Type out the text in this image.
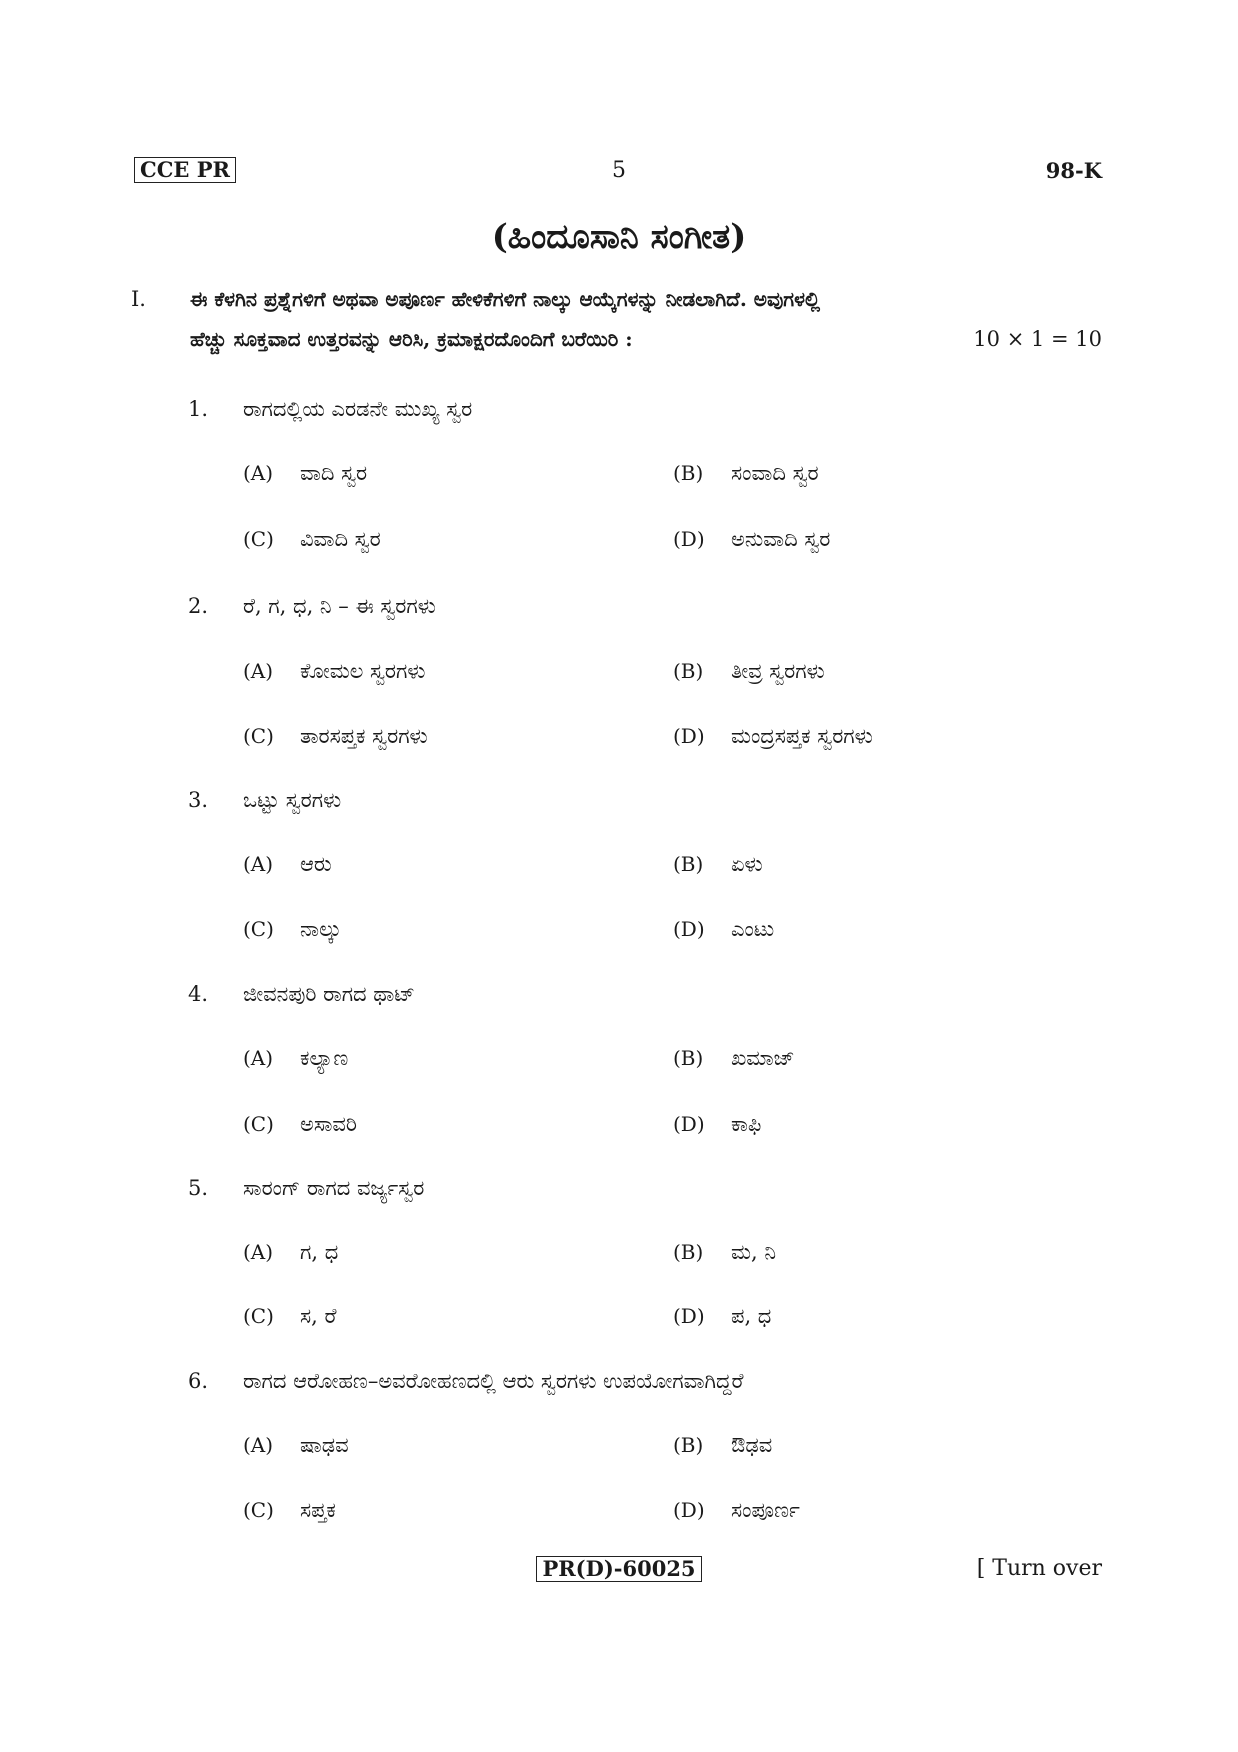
CCE PR	5	98-K
(ಹಿಂದೂಸಾನಿ ಸಂಗೀತ)
I. ಈ ಕೆಳಗಿನ ಪ್ರಶ್ನೆಗಳಿಗೆ ಅಥವಾ ಅಪೂರ್ಣ ಹೇಳಿಕೆಗಳಿಗೆ ನಾಲ್ಕು ಆಯ್ಕೆಗಳನ್ನು ನೀಡಲಾಗಿದೆ. ಅವುಗಳಲ್ಲಿ
ಹೆಚ್ಚು ಸೂಕ್ತವಾದ ಉತ್ತರವನ್ನು ಆರಿಸಿ, ಕ್ರಮಾಕ್ಷರದೊಂದಿಗೆ ಬರೆಯಿರಿ :	10 × 1 = 10
1. ರಾಗದಲ್ಲಿಯ ಎರಡನೇ ಮುಖ್ಯ ಸ್ವರ
(A) ವಾದಿ ಸ್ವರ	(B) ಸಂವಾದಿ ಸ್ವರ
(C) ವಿವಾದಿ ಸ್ವರ	(D) ಅನುವಾದಿ ಸ್ವರ
2. ರೆ, ಗ, ಧ, ನಿ – ಈ ಸ್ವರಗಳು
(A) ಕೋಮಲ ಸ್ವರಗಳು	(B) ತೀವ್ರ ಸ್ವರಗಳು
(C) ತಾರಸಪ್ತಕ ಸ್ವರಗಳು	(D) ಮಂದ್ರಸಪ್ತಕ ಸ್ವರಗಳು
3. ಒಟ್ಟು ಸ್ವರಗಳು
(A) ಆರು	(B) ಏಳು
(C) ನಾಲ್ಕು	(D) ಎಂಟು
4. ಜೀವನಪುರಿ ರಾಗದ ಥಾಟ್
(A) ಕಲ್ಯಾಣ	(B) ಖಮಾಜ್
(C) ಅಸಾವರಿ	(D) ಕಾಫಿ
5. ಸಾರಂಗ್ ರಾಗದ ವರ್ಜ್ಯಸ್ವರ
(A) ಗ, ಧ	(B) ಮ, ನಿ
(C) ಸ, ರೆ	(D) ಪ, ಧ
6. ರಾಗದ ಆರೋಹಣ–ಅವರೋಹಣದಲ್ಲಿ ಆರು ಸ್ವರಗಳು ಉಪಯೋಗವಾಗಿದ್ದರೆ
(A) ಷಾಢವ	(B) ಔಢವ
(C) ಸಪ್ತಕ	(D) ಸಂಪೂರ್ಣ
PR(D)-60025	[ Turn over
